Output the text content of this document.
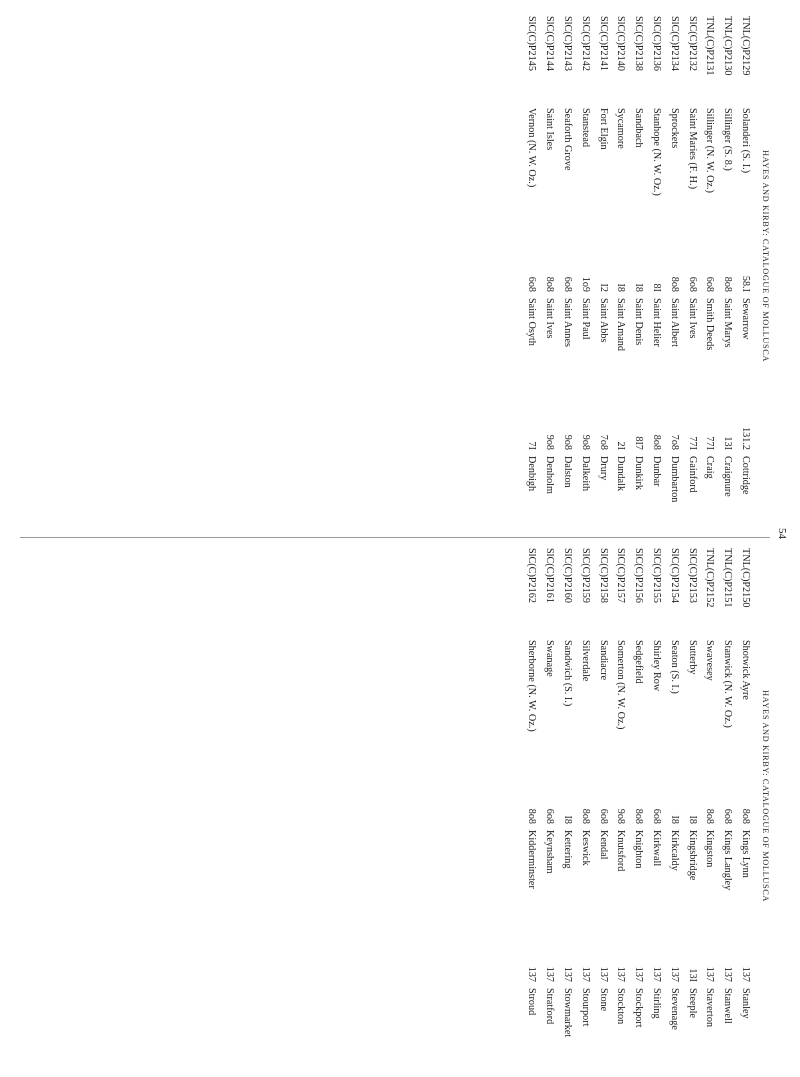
54
HAYES AND KIRBY: CATALOGUE OF MOLLUSCA
HAYES AND KIRBY: CATALOGUE OF MOLLUSCA
TNL(C)P2129
Solanderi (S. I.)
58.I
Sewarrow
131.2
Cottridge
TNL(C)P2130
Sillinger (S. 8.)
8o8
Saint Marys
13I
Craignure
TNL(C)P2131
Sillinger (N. W. Oz.)
6o8
Smith Deeds
77I
Craig
SlC(C)P2132
Saint Maries (F. H.)
6o8
Saint Ives
77I
Gainford
SlC(C)P2134
Sprockets
8o8
Saint Albert
7o8
Dumbarton
SlC(C)P2136
Stanhope (N. W. Oz.)
8I
Saint Helier
8o8
Dunbar
SlC(C)P2138
Sandbach
I8
Saint Denis
8I7
Dunkirk
SlC(C)P2140
Sycamore
I8
Saint Amand
2I
Dundalk
SlC(C)P2141
Fort Elgin
I2
Saint Abbs
7o8
Drury
SlC(C)P2142
Stanstead
1o9
Saint Paul
9o8
Dalkeith
SlC(C)P2143
Seaforth Grove
6o8
Saint Annes
9o8
Dalston
SlC(C)P2144
Saint Isles
8o8
Saint Ives
9o8
Denholm
SlC(C)P2145
Vernon (N. W. Oz.)
6o8
Saint Osyth
7I
Denbigh
TNL(C)P2150
Shotwick Ayre
8o8
Kings Lynn
137
Stanley
TNL(C)P2151
Stanwick (N. W. Oz.)
6o8
Kings Langley
137
Stanwell
TNL(C)P2152
Swavesey
8o8
Kingston
137
Staverton
SlC(C)P2153
Sutterby
I8
Kingsbridge
13I
Steeple
SlC(C)P2154
Seaton (S. I.)
I8
Kirkcaldy
137
Stevenage
SlC(C)P2155
Shirley Row
6o8
Kirkwall
137
Stirling
SlC(C)P2156
Sedgefield
8o8
Knighton
137
Stockport
SlC(C)P2157
Somerton (N. W. Oz.)
9o8
Knutsford
137
Stockton
SlC(C)P2158
Sandiacre
6o8
Kendal
137
Stone
SlC(C)P2159
Silverdale
8o8
Keswick
137
Stourport
SlC(C)P2160
Sandwich (S. I.)
I8
Kettering
137
Stowmarket
SlC(C)P2161
Swanage
6o8
Keynsham
137
Stratford
SlC(C)P2162
Sherborne (N. W. Oz.)
8o8
Kidderminster
137
Stroud
